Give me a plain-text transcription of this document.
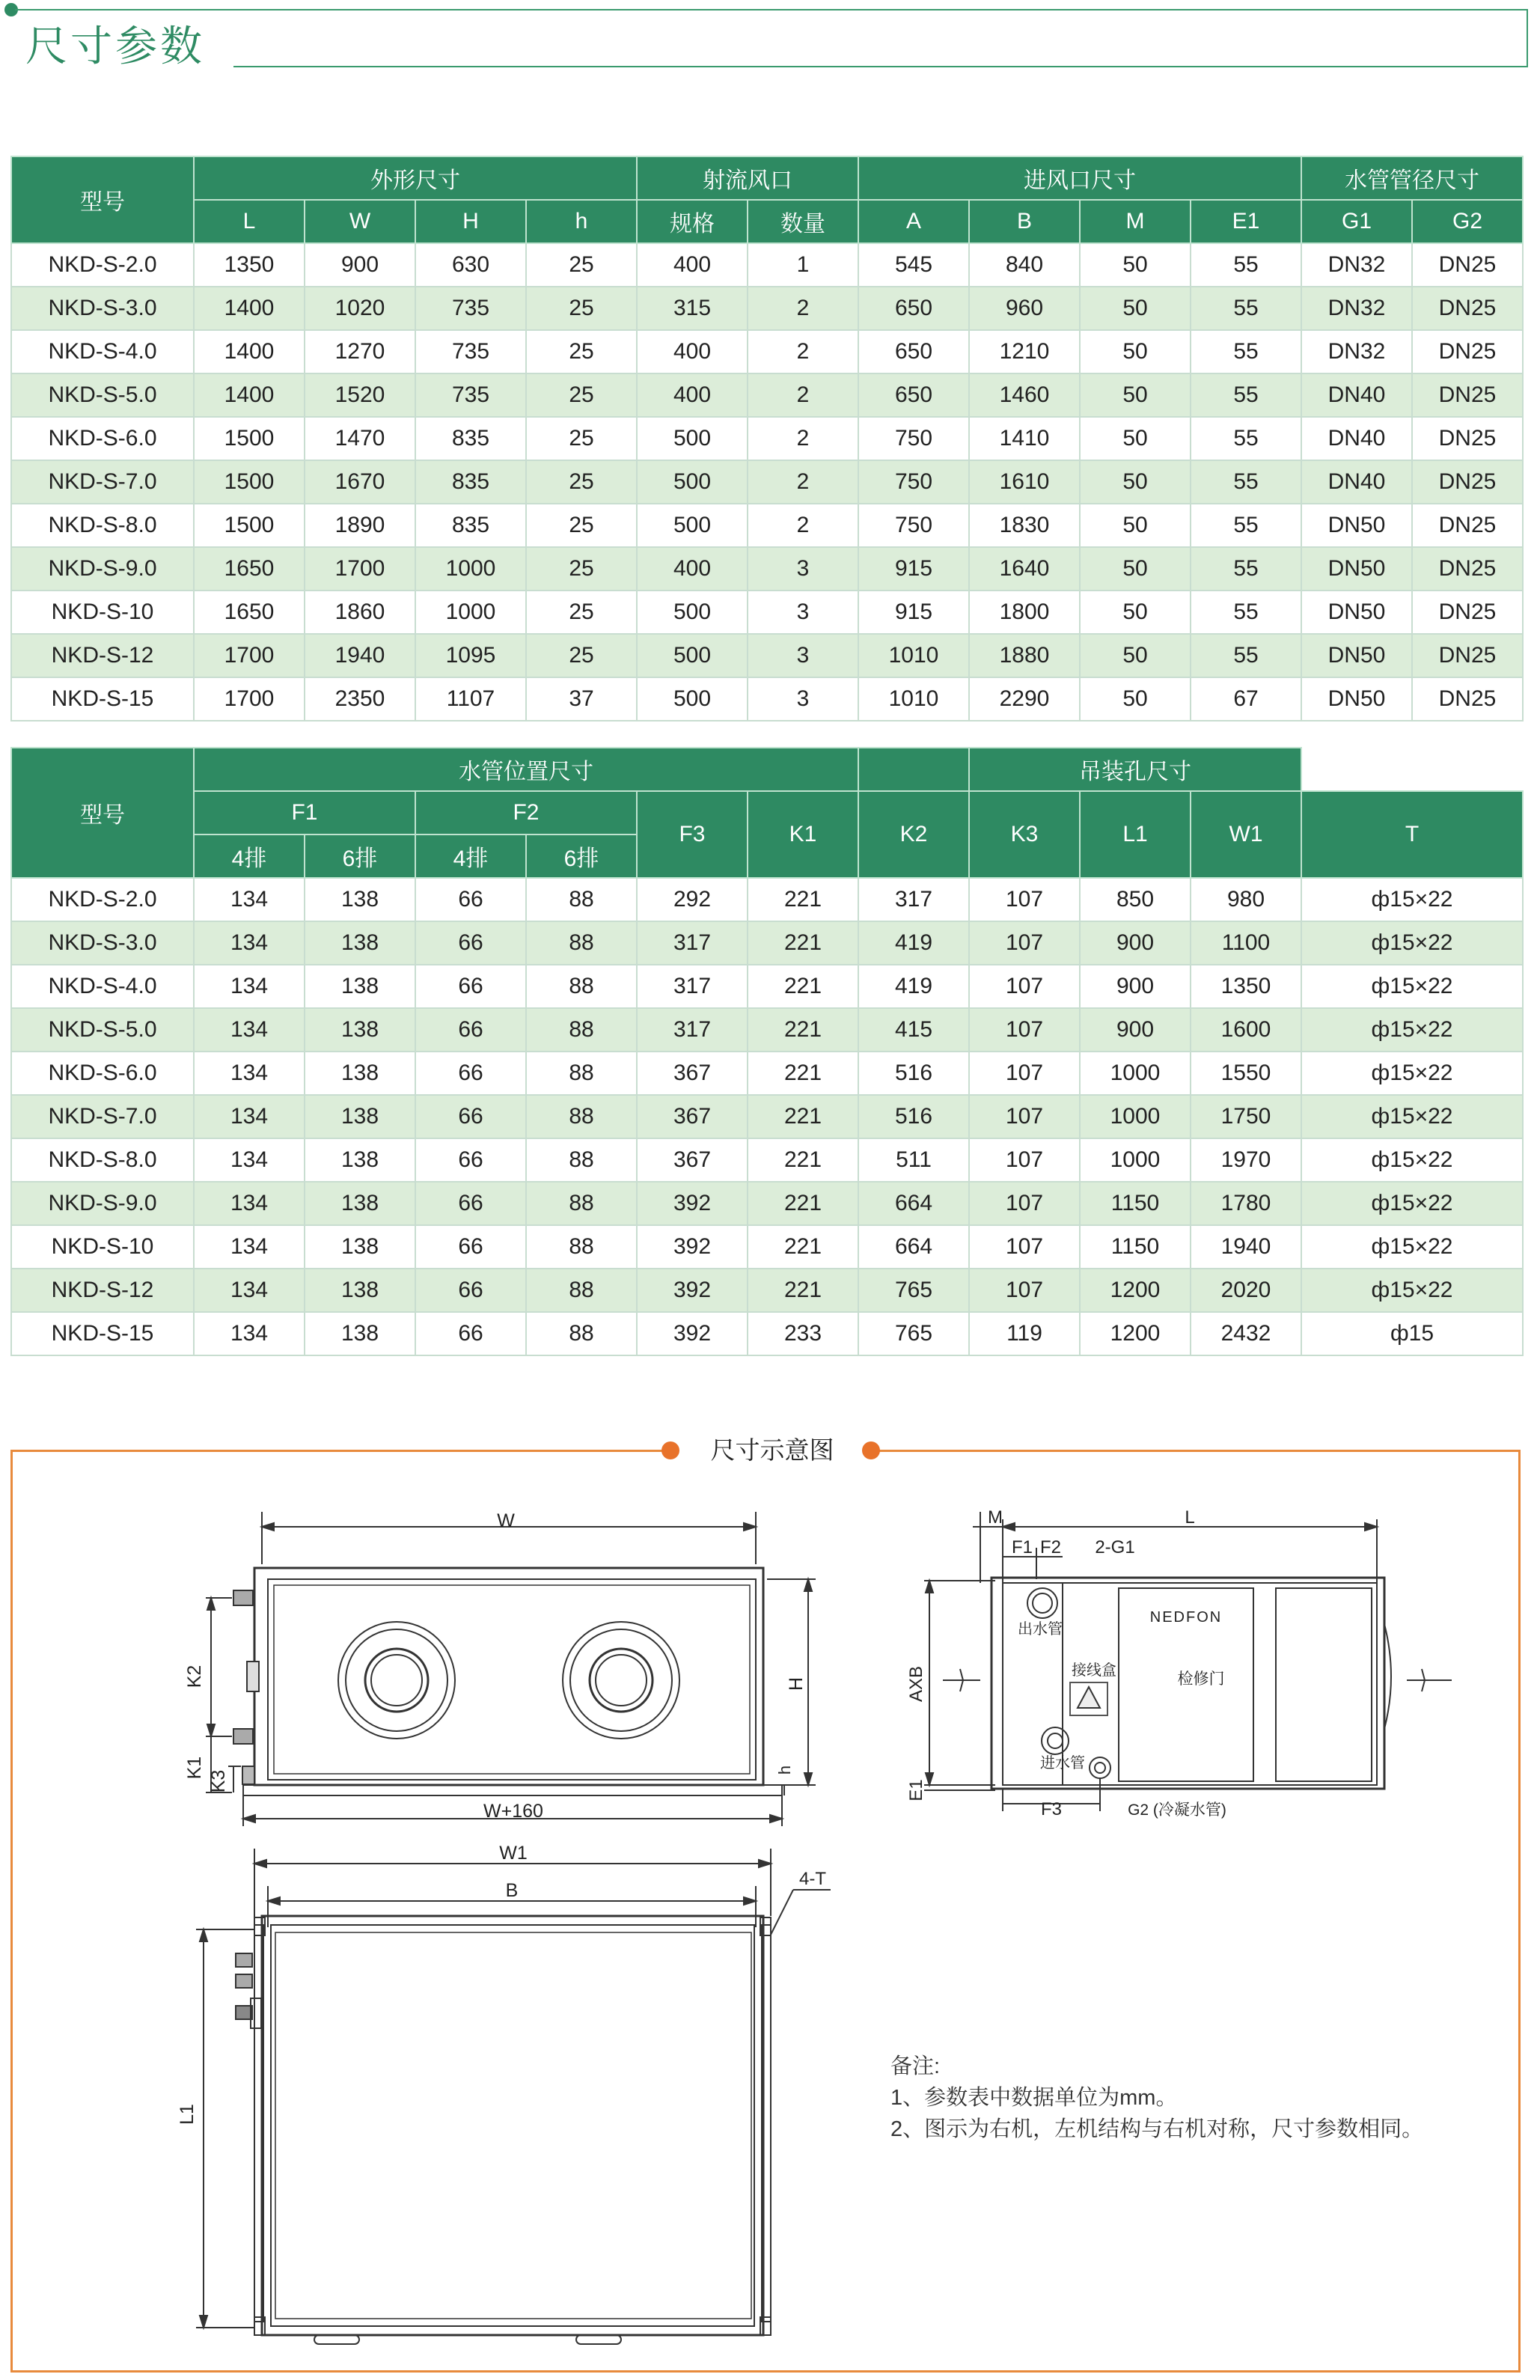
尺寸参数
型号	外形尺寸				射流风口		进风口尺寸				水管管径尺寸	
	L	W	H	h	规格	数量	A	B	M	E1	G1	G2
NKD-S-2.0	1350	900	630	25	400	1	545	840	50	55	DN32	DN25
NKD-S-3.0	1400	1020	735	25	315	2	650	960	50	55	DN32	DN25
NKD-S-4.0	1400	1270	735	25	400	2	650	1210	50	55	DN32	DN25
NKD-S-5.0	1400	1520	735	25	400	2	650	1460	50	55	DN40	DN25
NKD-S-6.0	1500	1470	835	25	500	2	750	1410	50	55	DN40	DN25
NKD-S-7.0	1500	1670	835	25	500	2	750	1610	50	55	DN40	DN25
NKD-S-8.0	1500	1890	835	25	500	2	750	1830	50	55	DN50	DN25
NKD-S-9.0	1650	1700	1000	25	400	3	915	1640	50	55	DN50	DN25
NKD-S-10	1650	1860	1000	25	500	3	915	1800	50	55	DN50	DN25
NKD-S-12	1700	1940	1095	25	500	3	1010	1880	50	55	DN50	DN25
NKD-S-15	1700	2350	1107	37	500	3	1010	2290	50	67	DN50	DN25
型号	水管位置尺寸							吊装孔尺寸			
	F1		F2		F3	K1	K2	K3	L1	W1	T
	4排	6排	4排	6排							
NKD-S-2.0	134	138	66	88	292	221	317	107	850	980	ф15×22
NKD-S-3.0	134	138	66	88	317	221	419	107	900	1100	ф15×22
NKD-S-4.0	134	138	66	88	317	221	419	107	900	1350	ф15×22
NKD-S-5.0	134	138	66	88	317	221	415	107	900	1600	ф15×22
NKD-S-6.0	134	138	66	88	367	221	516	107	1000	1550	ф15×22
NKD-S-7.0	134	138	66	88	367	221	516	107	1000	1750	ф15×22
NKD-S-8.0	134	138	66	88	367	221	511	107	1000	1970	ф15×22
NKD-S-9.0	134	138	66	88	392	221	664	107	1150	1780	ф15×22
NKD-S-10	134	138	66	88	392	221	664	107	1150	1940	ф15×22
NKD-S-12	134	138	66	88	392	221	765	107	1200	2020	ф15×22
NKD-S-15	134	138	66	88	392	233	765	119	1200	2432	ф15
尺寸示意图
W
K2
K1
K3
H
h
W+160
M	L
F1 F2 2-G1
出水管
AXB	接线盒	检修门
NEDFON
进水管
E1
F3	G2 (冷凝水管)
W1
B
4-T
L1
备注:
1、参数表中数据单位为mm。
2、图示为右机，左机结构与右机对称，尺寸参数相同。
